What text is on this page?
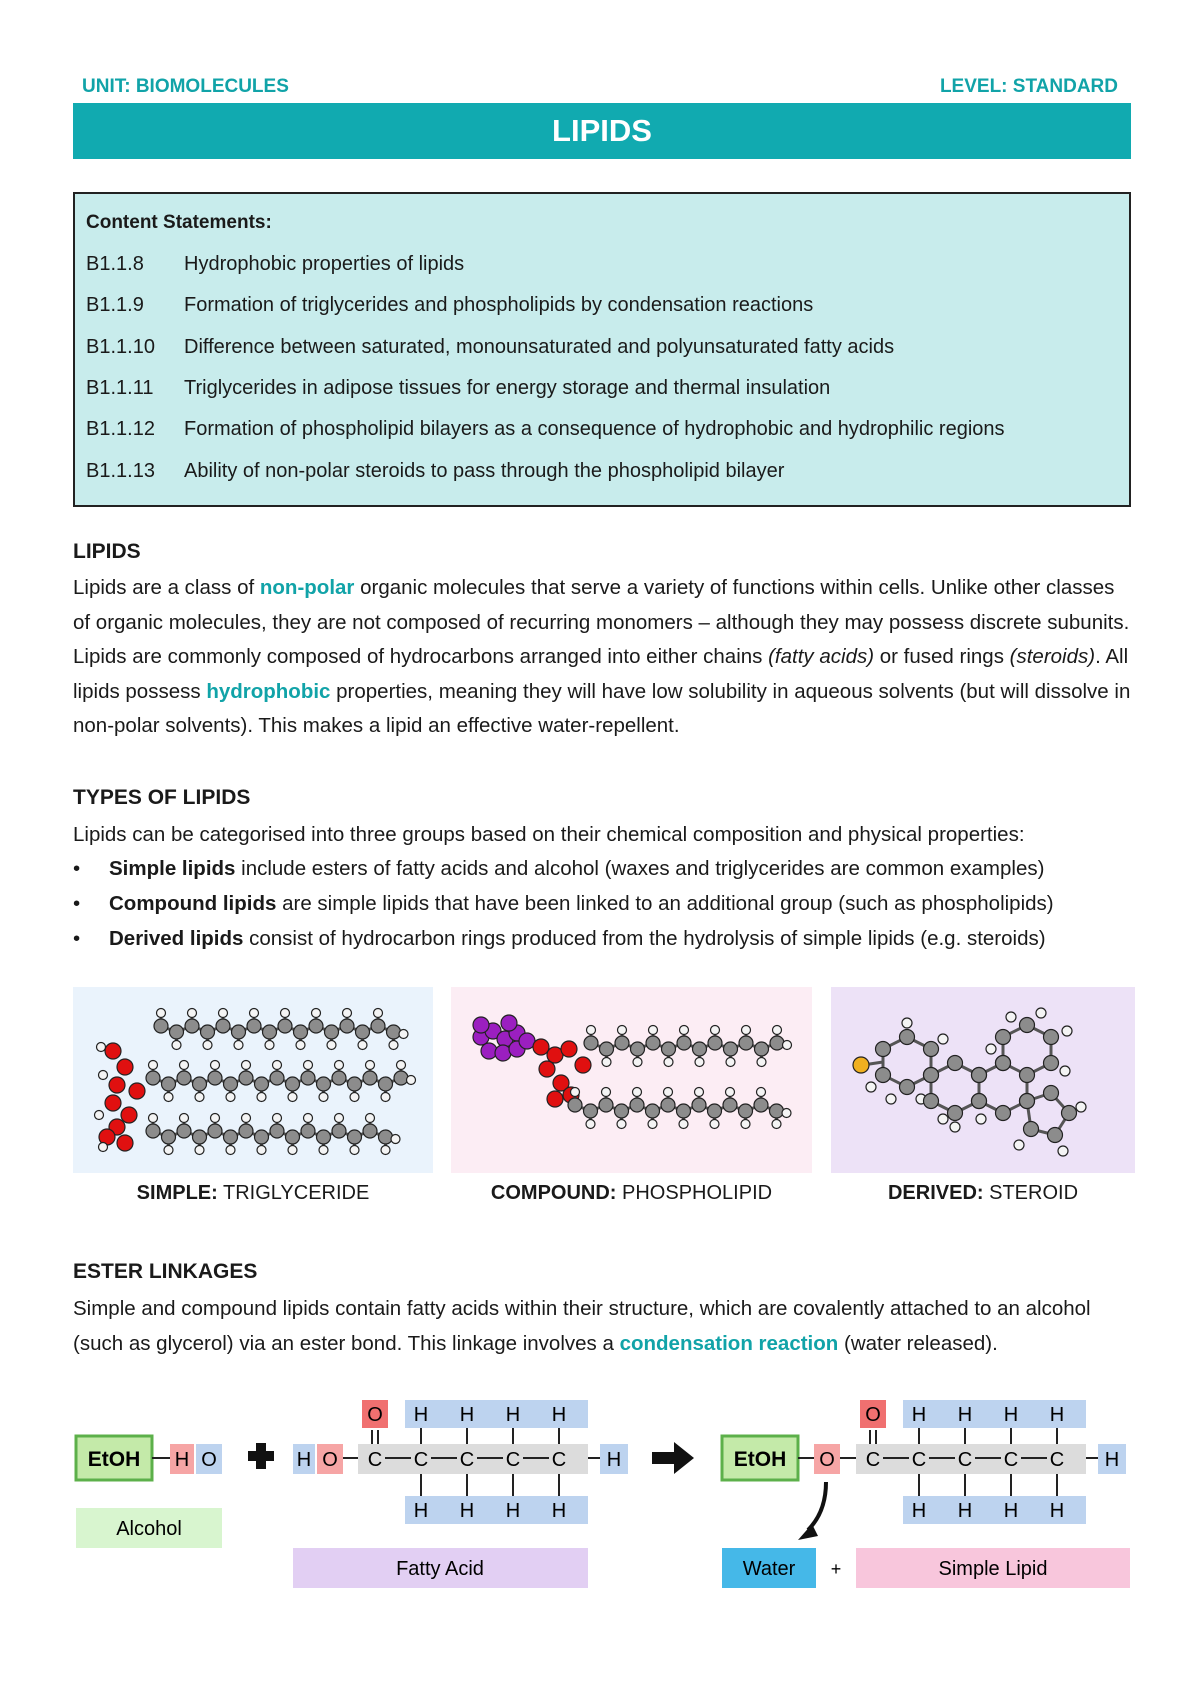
UNIT: BIOMOLECULES	LEVEL: STANDARD
LIPIDS
Content Statements:
B1.1.8	Hydrophobic properties of lipids
B1.1.9	Formation of triglycerides and phospholipids by condensation reactions
B1.1.10	Difference between saturated, monounsaturated and polyunsaturated fatty acids
B1.1.11	Triglycerides in adipose tissues for energy storage and thermal insulation
B1.1.12	Formation of phospholipid bilayers as a consequence of hydrophobic and hydrophilic regions
B1.1.13	Ability of non-polar steroids to pass through the phospholipid bilayer
LIPIDS
Lipids are a class of non-polar organic molecules that serve a variety of functions within cells. Unlike other classes of organic molecules, they are not composed of recurring monomers – although they may possess discrete subunits. Lipids are commonly composed of hydrocarbons arranged into either chains (fatty acids) or fused rings (steroids). All lipids possess hydrophobic properties, meaning they will have low solubility in aqueous solvents (but will dissolve in non-polar solvents). This makes a lipid an effective water-repellent.
TYPES OF LIPIDS
Lipids can be categorised into three groups based on their chemical composition and physical properties:
• Simple lipids include esters of fatty acids and alcohol (waxes and triglycerides are common examples)
• Compound lipids are simple lipids that have been linked to an additional group (such as phospholipids)
• Derived lipids consist of hydrocarbon rings produced from the hydrolysis of simple lipids (e.g. steroids)
SIMPLE: TRIGLYCERIDE	COMPOUND: PHOSPHOLIPID	DERIVED: STEROID
ESTER LINKAGES
Simple and compound lipids contain fatty acids within their structure, which are covalently attached to an alcohol (such as glycerol) via an ester bond. This linkage involves a condensation reaction (water released).
EtOH H O
Alcohol
H O
O
C C
H
H
C
H
H
C
H
H
C
H
H
H
Fatty Acid
EtOH O
O
C C
H
H
C
H
H
C
H
H
C
H
H
H
Water +	Simple Lipid
